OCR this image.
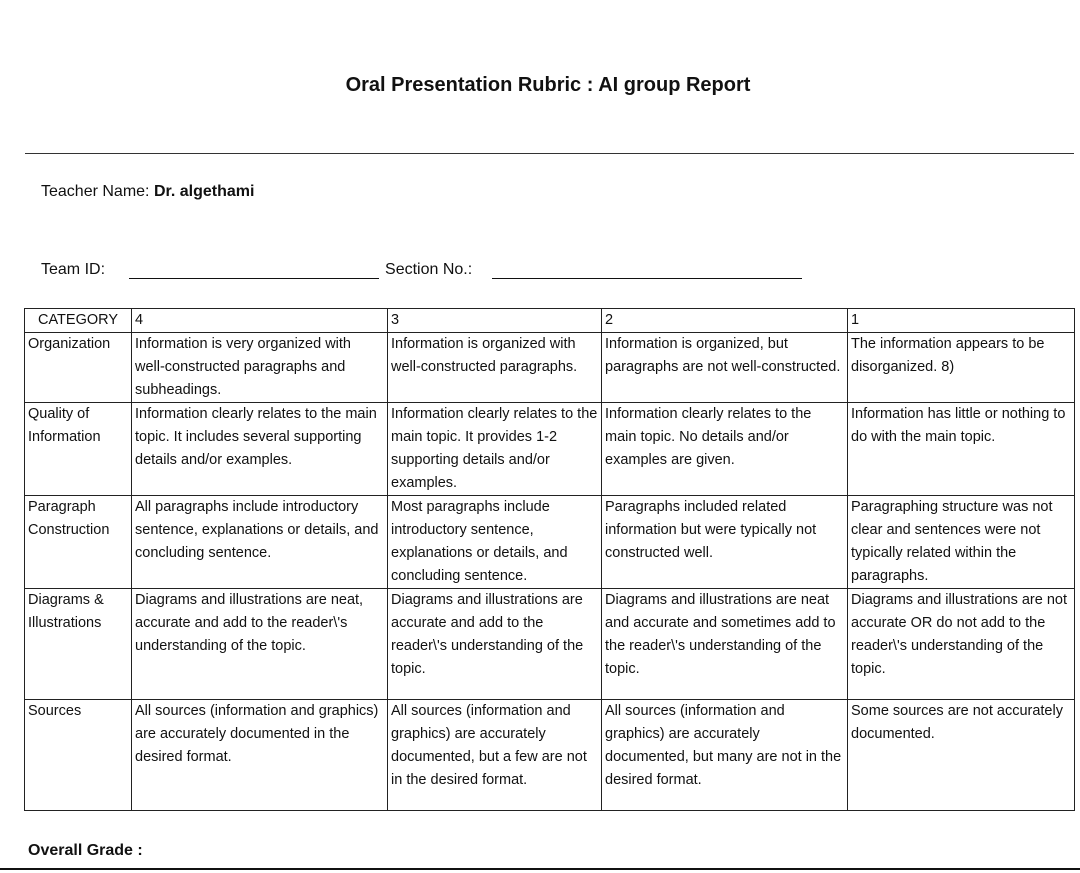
Oral Presentation Rubric : AI group Report
Teacher Name: Dr. algethami
Team ID:	Section No.:
CATEGORY	4	3	2	1
Organization	Information is very organized with well-constructed paragraphs and subheadings.	Information is organized with well-constructed paragraphs.	Information is organized, but paragraphs are not well-constructed.	The information appears to be disorganized. 8)
Quality of Information	Information clearly relates to the main topic. It includes several supporting details and/or examples.	Information clearly relates to the main topic. It provides 1-2 supporting details and/or examples.	Information clearly relates to the main topic. No details and/or examples are given.	Information has little or nothing to do with the main topic.
Paragraph Construction	All paragraphs include introductory sentence, explanations or details, and concluding sentence.	Most paragraphs include introductory sentence, explanations or details, and concluding sentence.	Paragraphs included related information but were typically not constructed well.	Paragraphing structure was not clear and sentences were not typically related within the paragraphs.
Diagrams & Illustrations	Diagrams and illustrations are neat, accurate and add to the reader\'s understanding of the topic.	Diagrams and illustrations are accurate and add to the reader\'s understanding of the topic.	Diagrams and illustrations are neat and accurate and sometimes add to the reader\'s understanding of the topic.	Diagrams and illustrations are not accurate OR do not add to the reader\'s understanding of the topic.
Sources	All sources (information and graphics) are accurately documented in the desired format.	All sources (information and graphics) are accurately documented, but a few are not in the desired format.	All sources (information and graphics) are accurately documented, but many are not in the desired format.	Some sources are not accurately documented.
Overall Grade :
